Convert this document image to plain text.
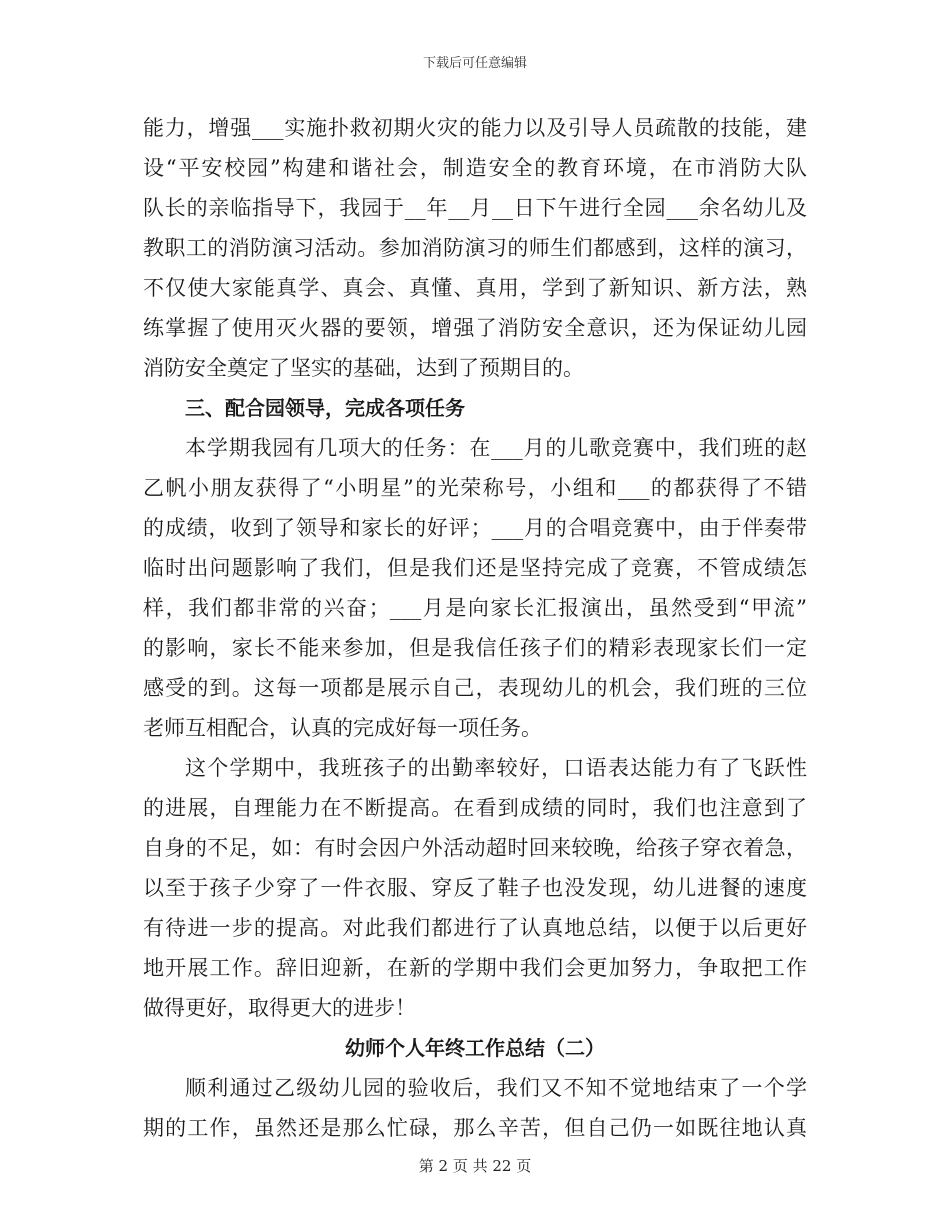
下载后可任意编辑
能力，增强___实施扑救初期火灾的能力以及引导人员疏散的技能，建
设“平安校园”构建和谐社会，制造安全的教育环境，在市消防大队
队长的亲临指导下，我园于__年__月__日下午进行全园___余名幼儿及
教职工的消防演习活动。参加消防演习的师生们都感到，这样的演习，
不仅使大家能真学、真会、真懂、真用，学到了新知识、新方法，熟
练掌握了使用灭火器的要领，增强了消防安全意识，还为保证幼儿园
消防安全奠定了坚实的基础，达到了预期目的。
三、配合园领导，完成各项任务
本学期我园有几项大的任务：在___月的儿歌竞赛中，我们班的赵
乙帆小朋友获得了“小明星”的光荣称号，小组和___的都获得了不错
的成绩，收到了领导和家长的好评；___月的合唱竞赛中，由于伴奏带
临时出问题影响了我们，但是我们还是坚持完成了竞赛，不管成绩怎
样，我们都非常的兴奋；___月是向家长汇报演出，虽然受到“甲流”
的影响，家长不能来参加，但是我信任孩子们的精彩表现家长们一定
感受的到。这每一项都是展示自己，表现幼儿的机会，我们班的三位
老师互相配合，认真的完成好每一项任务。
这个学期中，我班孩子的出勤率较好，口语表达能力有了飞跃性
的进展，自理能力在不断提高。在看到成绩的同时，我们也注意到了
自身的不足，如：有时会因户外活动超时回来较晚，给孩子穿衣着急，
以至于孩子少穿了一件衣服、穿反了鞋子也没发现，幼儿进餐的速度
有待进一步的提高。对此我们都进行了认真地总结，以便于以后更好
地开展工作。辞旧迎新，在新的学期中我们会更加努力，争取把工作
做得更好，取得更大的进步！
幼师个人年终工作总结（二）
顺利通过乙级幼儿园的验收后，我们又不知不觉地结束了一个学
期的工作，虽然还是那么忙碌，那么辛苦，但自己仍一如既往地认真
第 2 页 共 22 页
